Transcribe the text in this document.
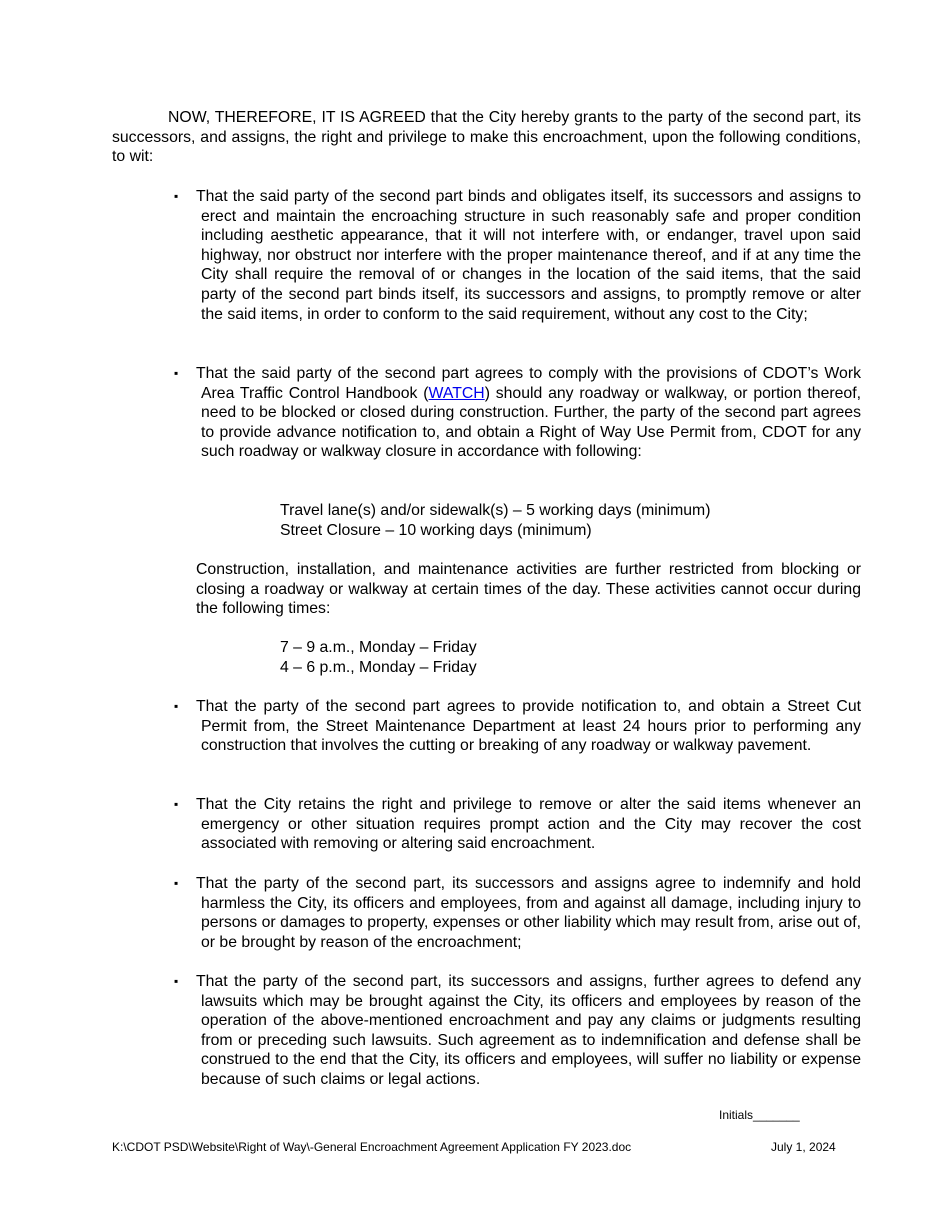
NOW, THEREFORE, IT IS AGREED that the City hereby grants to the party of the second part, its successors, and assigns, the right and privilege to make this encroachment, upon the following conditions, to wit:

▪	That the said party of the second part binds and obligates itself, its successors and assigns to erect and maintain the encroaching structure in such reasonably safe and proper condition including aesthetic appearance, that it will not interfere with, or endanger, travel upon said highway, nor obstruct nor interfere with the proper maintenance thereof, and if at any time the City shall require the removal of or changes in the location of the said items, that the said party of the second part binds itself, its successors and assigns, to promptly remove or alter the said items, in order to conform to the said requirement, without any cost to the City;

▪	That the said party of the second part agrees to comply with the provisions of CDOT’s Work Area Traffic Control Handbook (WATCH) should any roadway or walkway, or portion thereof, need to be blocked or closed during construction. Further, the party of the second part agrees to provide advance notification to, and obtain a Right of Way Use Permit from, CDOT for any such roadway or walkway closure in accordance with following:

Travel lane(s) and/or sidewalk(s) – 5 working days (minimum)
Street Closure – 10 working days (minimum)

Construction, installation, and maintenance activities are further restricted from blocking or closing a roadway or walkway at certain times of the day. These activities cannot occur during the following times:

7 – 9 a.m., Monday – Friday
4 – 6 p.m., Monday – Friday
▪	That the party of the second part agrees to provide notification to, and obtain a Street Cut Permit from, the Street Maintenance Department at least 24 hours prior to performing any construction that involves the cutting or breaking of any roadway or walkway pavement.

▪	That the City retains the right and privilege to remove or alter the said items whenever an emergency or other situation requires prompt action and the City may recover the cost associated with removing or altering said encroachment.

▪	That the party of the second part, its successors and assigns agree to indemnify and hold harmless the City, its officers and employees, from and against all damage, including injury to persons or damages to property, expenses or other liability which may result from, arise out of, or be brought by reason of the encroachment;

▪	That the party of the second part, its successors and assigns, further agrees to defend any lawsuits which may be brought against the City, its officers and employees by reason of the operation of the above-mentioned encroachment and pay any claims or judgments resulting from or preceding such lawsuits. Such agreement as to indemnification and defense shall be construed to the end that the City, its officers and employees, will suffer no liability or expense because of such claims or legal actions.

Initials_______
K:\CDOT PSD\Website\Right of Way\-General Encroachment Agreement Application FY 2023.doc	July 1, 2024
